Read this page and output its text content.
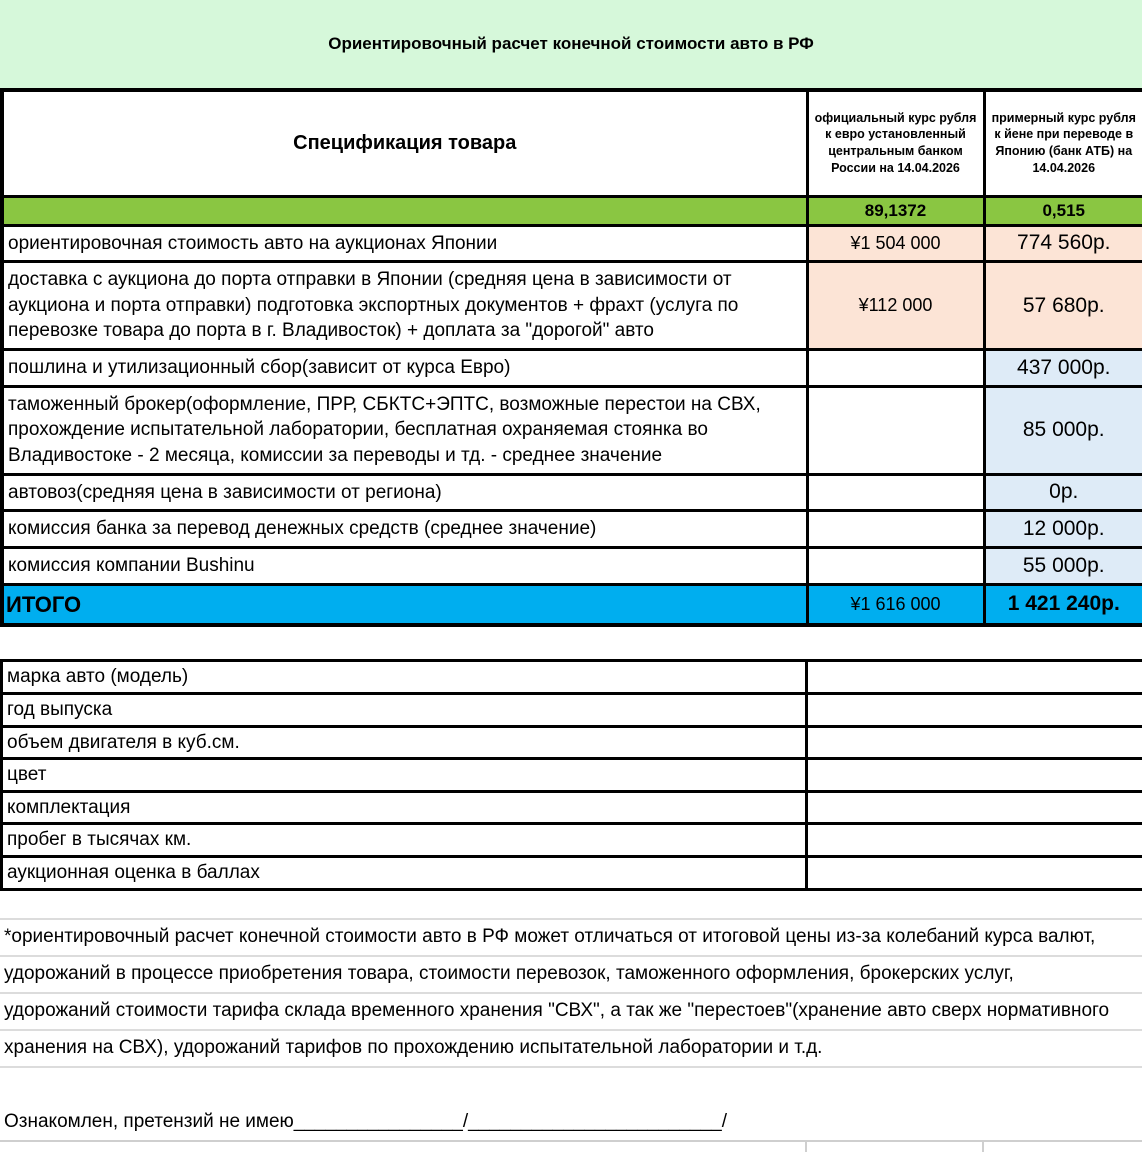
Ориентировочный расчет конечной стоимости авто в РФ
Спецификация товара	официальный курс рубля к евро установленный центральным банком России на 14.04.2026	примерный курс рубля к йене при переводе в Японию (банк АТБ) на 14.04.2026
	89,1372	0,515
ориентировочная стоимость авто на аукционах Японии	¥1 504 000	774 560р.
доставка с аукциона до порта отправки в Японии (средняя цена в зависимости от аукциона и порта отправки) подготовка экспортных документов + фрахт (услуга по перевозке товара до порта в г. Владивосток) + доплата за "дорогой" авто	¥112 000	57 680р.
пошлина и утилизационный сбор(зависит от курса Евро)		437 000р.
таможенный брокер(оформление, ПРР, СБКТС+ЭПТС, возможные перестои на СВХ, прохождение испытательной лаборатории, бесплатная охраняемая стоянка во Владивостоке - 2 месяца, комиссии за переводы и тд. - среднее значение		85 000р.
автовоз(средняя цена в зависимости от региона)		0р.
комиссия банка за перевод денежных средств (среднее значение)		12 000р.
комиссия компании Bushinu		55 000р.
ИТОГО	¥1 616 000	1 421 240р.
марка авто (модель)	
год выпуска	
объем двигателя в куб.см.	
цвет	
комплектация	
пробег в тысячах км.	
аукционная оценка в баллах	
*ориентировочный расчет конечной стоимости авто в РФ может отличаться от итоговой цены из-за колебаний курса валют,
удорожаний в процессе приобретения товара, стоимости перевозок, таможенного оформления, брокерских услуг,
удорожаний стоимости тарифа склада временного хранения "СВХ", а так же "перестоев"(хранение авто сверх нормативного
хранения на СВХ), удорожаний тарифов по прохождению испытательной лаборатории и т.д.
Ознакомлен, претензий не имею________________/________________________/
